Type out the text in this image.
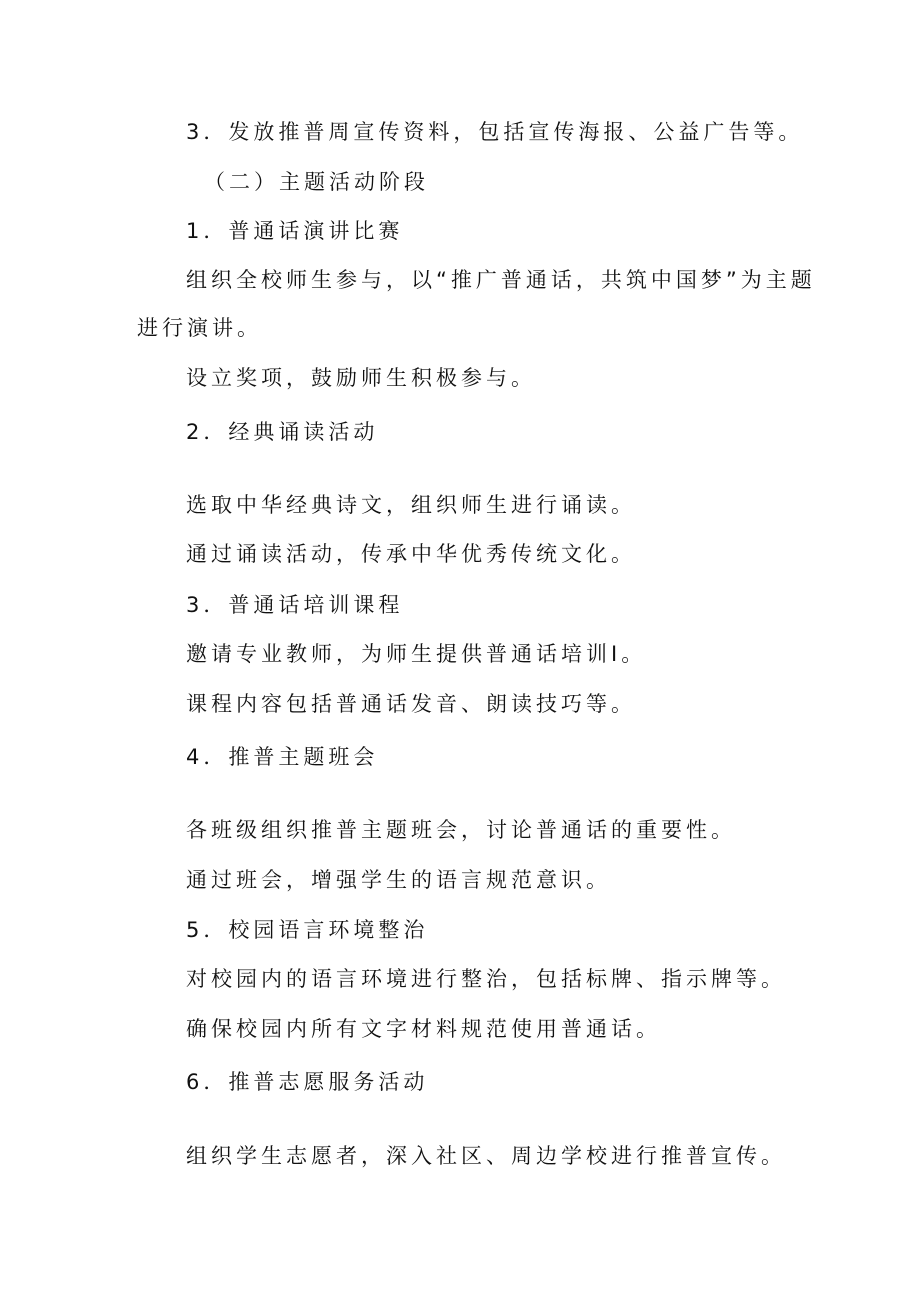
3．发放推普周宣传资料，包括宣传海报、公益广告等。

（二）主题活动阶段

1．普通话演讲比赛

组织全校师生参与，以“推广普通话，共筑中国梦”为主题

进行演讲。

设立奖项，鼓励师生积极参与。

2．经典诵读活动

选取中华经典诗文，组织师生进行诵读。

通过诵读活动，传承中华优秀传统文化。

3．普通话培训课程

邀请专业教师，为师生提供普通话培训I。

课程内容包括普通话发音、朗读技巧等。

4．推普主题班会

各班级组织推普主题班会，讨论普通话的重要性。

通过班会，增强学生的语言规范意识。

5．校园语言环境整治

对校园内的语言环境进行整治，包括标牌、指示牌等。

确保校园内所有文字材料规范使用普通话。

6．推普志愿服务活动

组织学生志愿者，深入社区、周边学校进行推普宣传。
